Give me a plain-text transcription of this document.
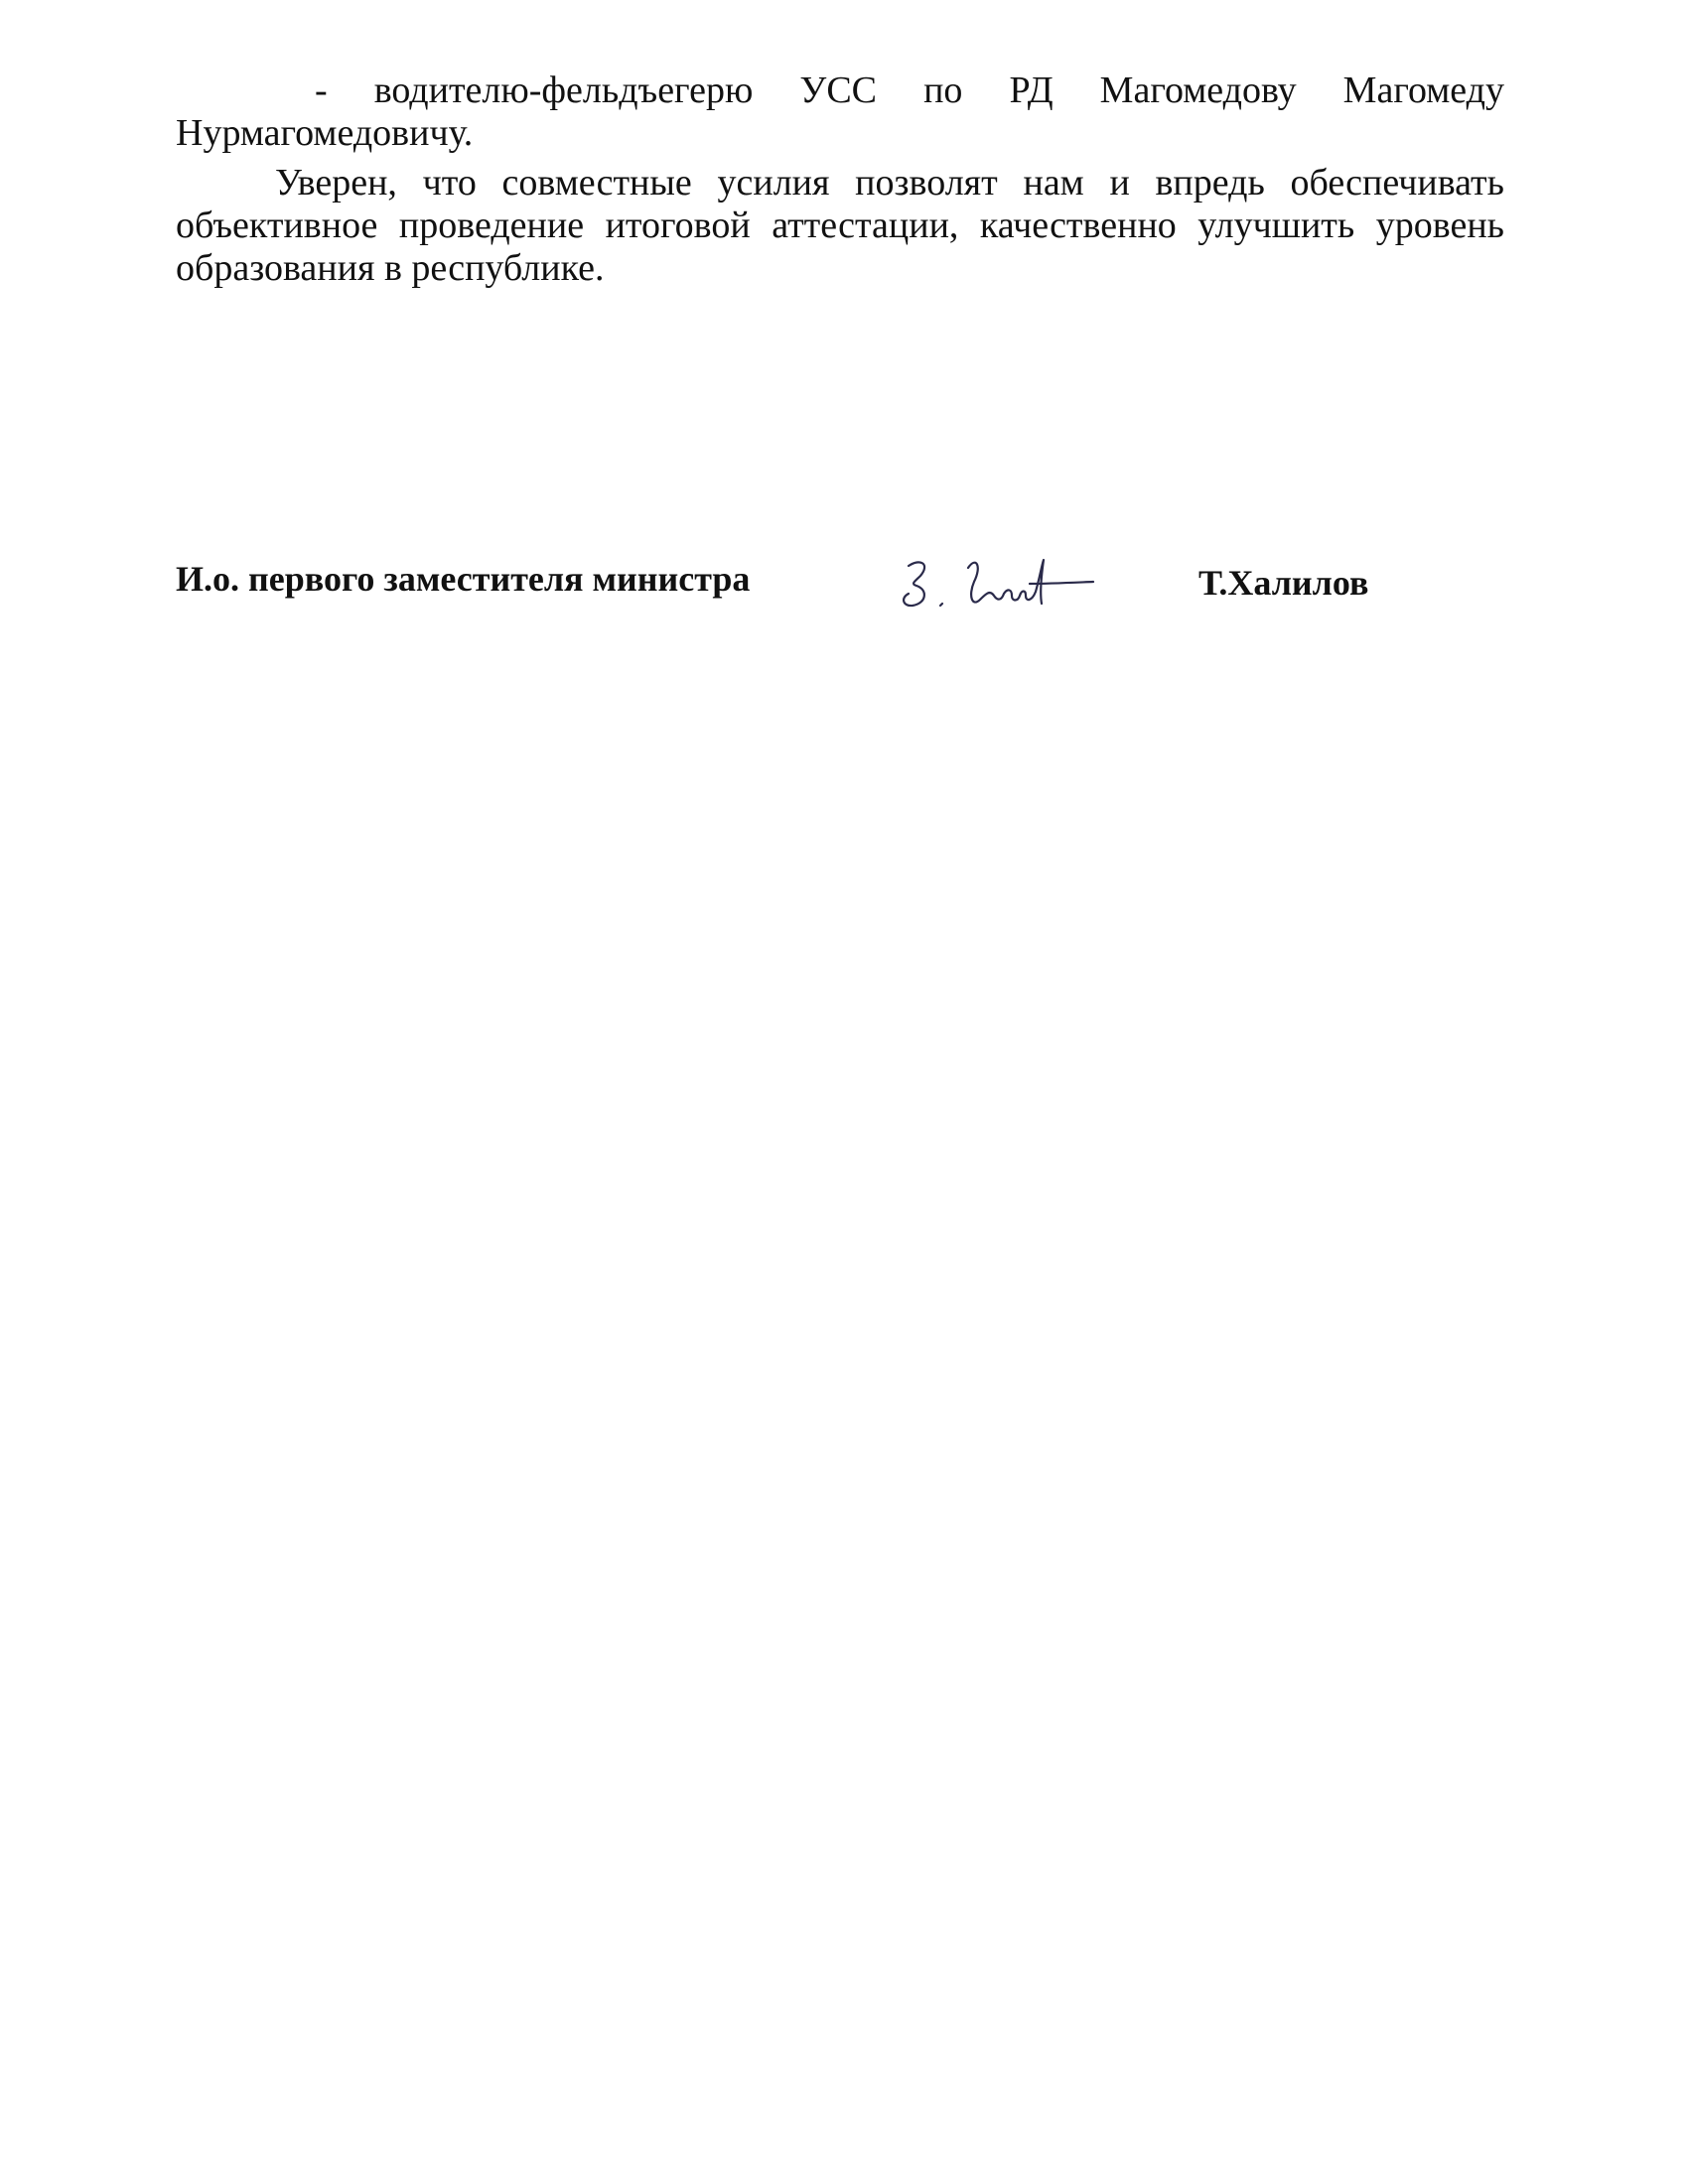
- водителю-фельдъегерю УСС по РД Магомедову Магомеду
Нурмагомедовичу.
Уверен, что совместные усилия позволят нам и впредь обеспечивать
объективное проведение итоговой аттестации, качественно улучшить уровень
образования в республике.
И.о. первого заместителя министра	Т.Халилов
